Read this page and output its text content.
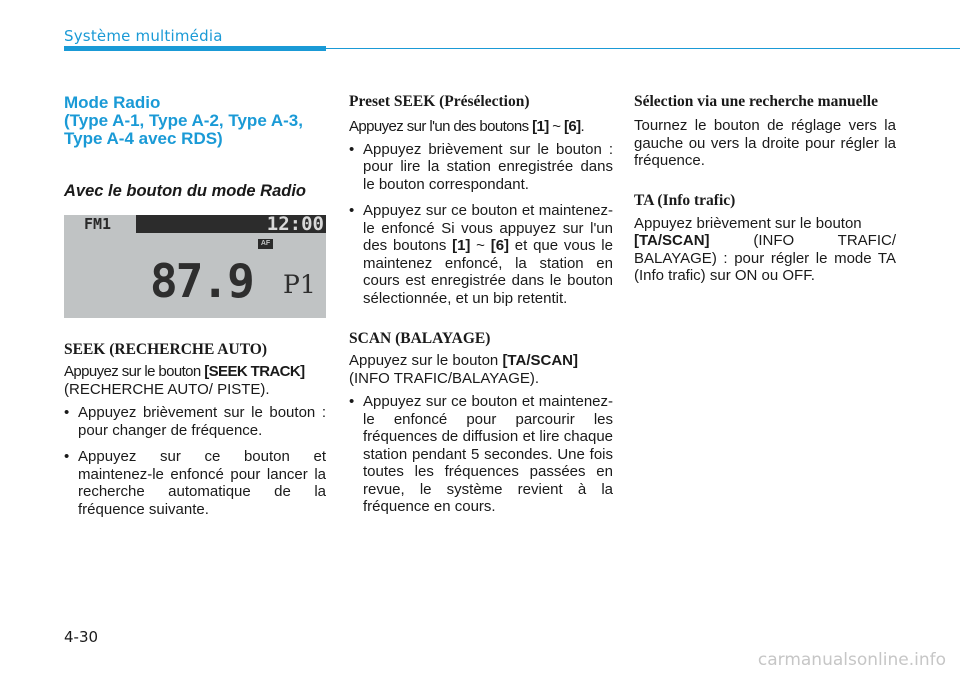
Système multimédia
Mode Radio
(Type A-1, Type A-2, Type A-3,
Type A-4 avec RDS)
Avec le bouton du mode Radio
FM1	12:00
AF
87.9 P1
SEEK (RECHERCHE AUTO)

Appuyez sur le bouton [SEEK TRACK]

(RECHERCHE AUTO/ PISTE).

• Appuyez brièvement sur le bouton : pour changer de fréquence.
• Appuyez sur ce bouton et maintenez-le enfoncé pour lancer la recherche automatique de la fréquence suivante.
Preset SEEK (Présélection)

Appuyez sur l'un des boutons [1] ~ [6].

• Appuyez brièvement sur le bouton : pour lire la station enregistrée dans le bouton correspondant.
• Appuyez sur ce bouton et maintenez-le enfoncé Si vous appuyez sur l'un des boutons [1] ~ [6] et que vous le maintenez enfoncé, la station en cours est enregistrée dans le bouton sélectionnée, et un bip retentit.
SCAN (BALAYAGE)

Appuyez sur le bouton [TA/SCAN]

(INFO TRAFIC/BALAYAGE).

• Appuyez sur ce bouton et maintenez-le enfoncé pour parcourir les fréquences de diffusion et lire chaque station pendant 5 secondes. Une fois toutes les fréquences passées en revue, le système revient à la fréquence en cours.
Sélection via une recherche manuelle

Tournez le bouton de réglage vers la gauche ou vers la droite pour régler la fréquence.

TA (Info trafic)

Appuyez brièvement sur le bouton

[TA/SCAN] (INFO TRAFIC/ BALAYAGE) : pour régler le mode TA (Info trafic) sur ON ou OFF.

4-30
carmanualsonline.info
